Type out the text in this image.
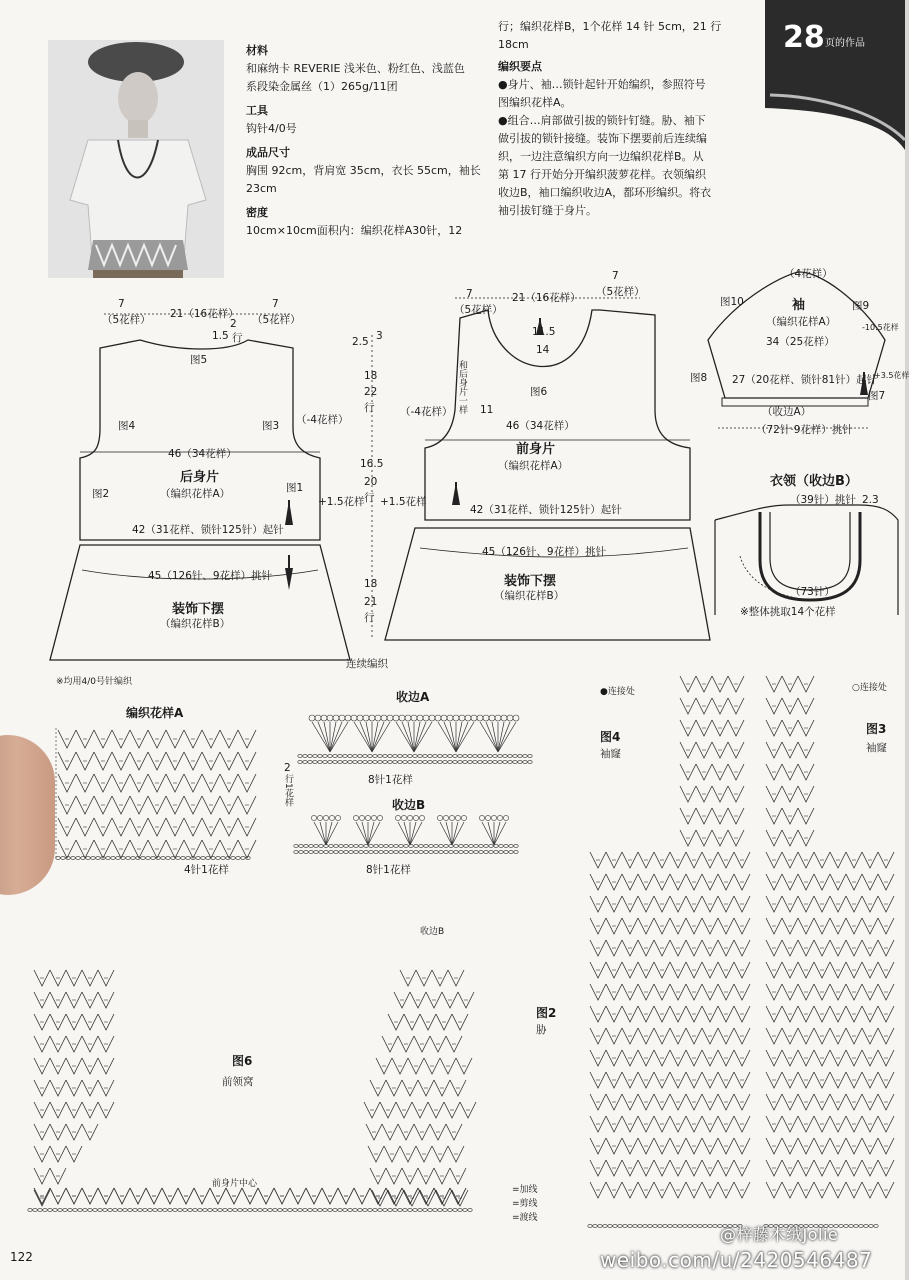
28 页的作品
材料
和麻纳卡 REVERIE 浅米色、粉红色、浅蓝色
系段染金属丝（1）265g/11团
工具
钩针4/0号
成品尺寸
胸围 92cm，背肩宽 35cm，衣长 55cm，袖长
23cm
密度
10cm×10cm面积内：编织花样A30针，12
行；编织花样B，1个花样 14 针 5cm，21 行
18cm
编织要点
●身片、袖…锁针起针开始编织，参照符号
图编织花样A。
●组合…肩部做引拔的锁针钉缝。胁、袖下
做引拔的锁针接缝。装饰下摆要前后连续编
织，一边注意编织方向一边编织花样B。从
第 17 行开始分开编织菠萝花样。衣领编织
收边B，袖口编织收边A，都环形编织。将衣
袖引拔钉缝于身片。
7
（5花样） 21（16花样）
7
（5花样）
1.5 行
2
图5
图4	图3
图2	图1
（-4花样）
46（34花样）
后身片
（编织花样A）
42（31花样、锁针125针）起针
45（126针、9花样）挑针
装饰下摆
（编织花样B）
+1.5花样
2.5 3
18
22
行
16.5
20
行 +1.5花样
18
21
行
连续编织
7
（5花样）
21（16花样）
7
（5花样）
11.5
14
11
和后身片一样	图6
（-4花样）
46（34花样）
前身片
（编织花样A）
42（31花样、锁针125针）起针
45（126针、9花样）挑针
装饰下摆
（编织花样B）
（4花样）
图10	图9
图8
图7
袖
（编织花样A）
34（25花样）
27（20花样、锁针81针）起针
-10.5花样
+3.5花样
（收边A）
（72针·9花样）挑针
衣领（收边B）
（39针）挑针 2.3
（73针）
※整体挑取14个花样
※均用4/0号针编织
编织花样A
2
行1花样
4针1花样
收边A
8针1花样
收边B
8针1花样
图6
前领窝
前身片中心
收边B
=加线
=剪线
=渡线
图4
袖窿
●连接处
图3
袖窿
○连接处
图2
胁
122	weibo.com/u/2420546487
@梓藤木绒Jolie
